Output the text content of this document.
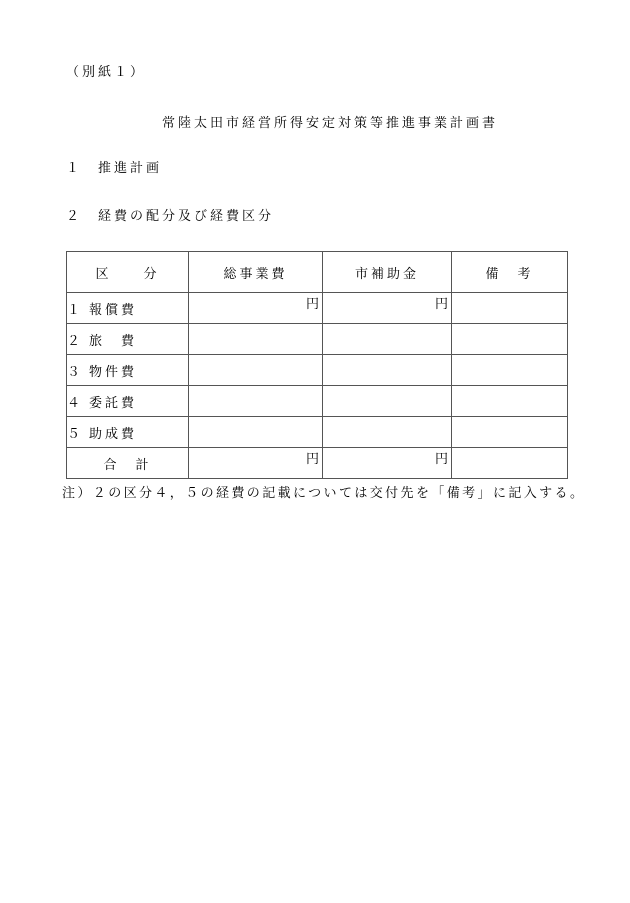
（別紙１）
常陸太田市経営所得安定対策等推進事業計画書
１　推進計画
２　経費の配分及び経費区分
区　　分	総事業費	市補助金	備　考
１ 報償費	円	円	
２ 旅　費			
３ 物件費			
４ 委託費			
５ 助成費			
合　計	円	円	
注）２の区分４，５の経費の記載については交付先を「備考」に記入する。
